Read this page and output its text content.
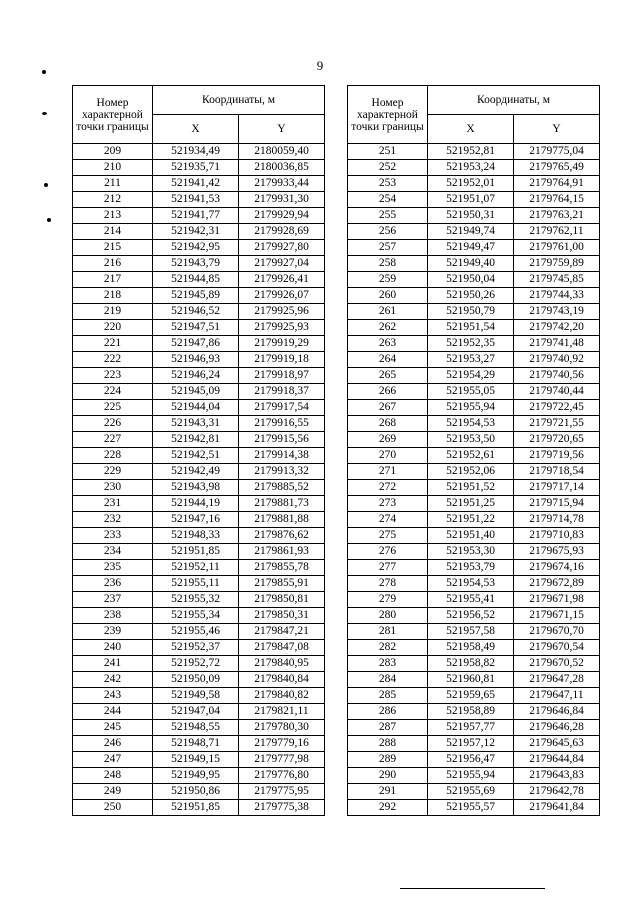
9
Номер характерной точки границы	Координаты, м	
	X	Y
209	521934,49	2180059,40
210	521935,71	2180036,85
211	521941,42	2179933,44
212	521941,53	2179931,30
213	521941,77	2179929,94
214	521942,31	2179928,69
215	521942,95	2179927,80
216	521943,79	2179927,04
217	521944,85	2179926,41
218	521945,89	2179926,07
219	521946,52	2179925,96
220	521947,51	2179925,93
221	521947,86	2179919,29
222	521946,93	2179919,18
223	521946,24	2179918,97
224	521945,09	2179918,37
225	521944,04	2179917,54
226	521943,31	2179916,55
227	521942,81	2179915,56
228	521942,51	2179914,38
229	521942,49	2179913,32
230	521943,98	2179885,52
231	521944,19	2179881,73
232	521947,16	2179881,88
233	521948,33	2179876,62
234	521951,85	2179861,93
235	521952,11	2179855,78
236	521955,11	2179855,91
237	521955,32	2179850,81
238	521955,34	2179850,31
239	521955,46	2179847,21
240	521952,37	2179847,08
241	521952,72	2179840,95
242	521950,09	2179840,84
243	521949,58	2179840,82
244	521947,04	2179821,11
245	521948,55	2179780,30
246	521948,71	2179779,16
247	521949,15	2179777,98
248	521949,95	2179776,80
249	521950,86	2179775,95
250	521951,85	2179775,38
Номер характерной точки границы	Координаты, м	
	X	Y
251	521952,81	2179775,04
252	521953,24	2179765,49
253	521952,01	2179764,91
254	521951,07	2179764,15
255	521950,31	2179763,21
256	521949,74	2179762,11
257	521949,47	2179761,00
258	521949,40	2179759,89
259	521950,04	2179745,85
260	521950,26	2179744,33
261	521950,79	2179743,19
262	521951,54	2179742,20
263	521952,35	2179741,48
264	521953,27	2179740,92
265	521954,29	2179740,56
266	521955,05	2179740,44
267	521955,94	2179722,45
268	521954,53	2179721,55
269	521953,50	2179720,65
270	521952,61	2179719,56
271	521952,06	2179718,54
272	521951,52	2179717,14
273	521951,25	2179715,94
274	521951,22	2179714,78
275	521951,40	2179710,83
276	521953,30	2179675,93
277	521953,79	2179674,16
278	521954,53	2179672,89
279	521955,41	2179671,98
280	521956,52	2179671,15
281	521957,58	2179670,70
282	521958,49	2179670,54
283	521958,82	2179670,52
284	521960,81	2179647,28
285	521959,65	2179647,11
286	521958,89	2179646,84
287	521957,77	2179646,28
288	521957,12	2179645,63
289	521956,47	2179644,84
290	521955,94	2179643,83
291	521955,69	2179642,78
292	521955,57	2179641,84
